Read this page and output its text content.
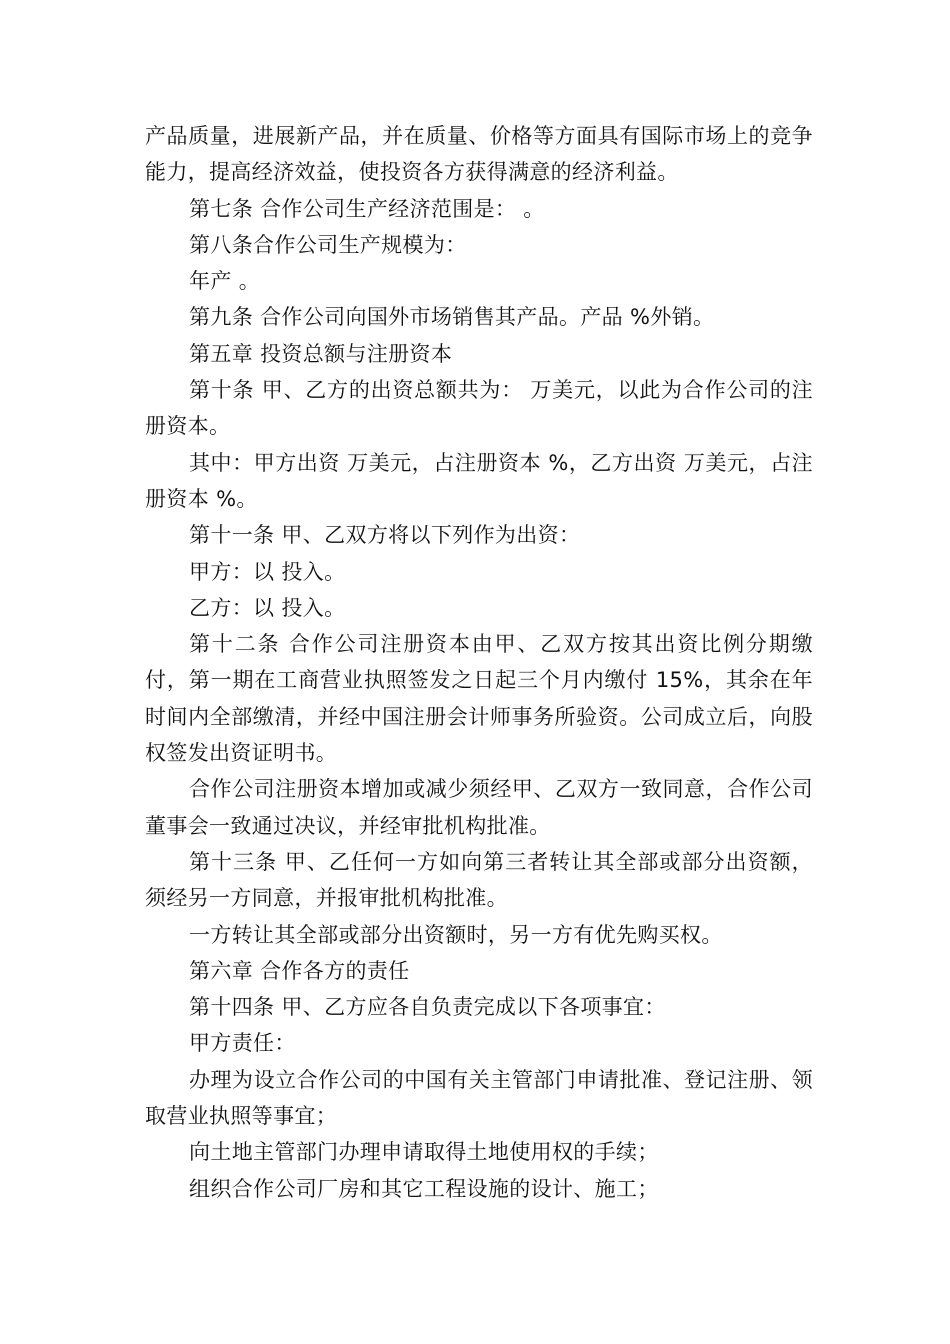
产品质量，进展新产品，并在质量、价格等方面具有国际市场上的竞争能力，提高经济效益，使投资各方获得满意的经济利益。

第七条 合作公司生产经济范围是： 。

第八条合作公司生产规模为：

年产 。

第九条 合作公司向国外市场销售其产品。产品 %外销。

第五章 投资总额与注册资本

第十条 甲、乙方的出资总额共为： 万美元，以此为合作公司的注册资本。

其中：甲方出资 万美元，占注册资本 %，乙方出资 万美元，占注册资本 %。

第十一条 甲、乙双方将以下列作为出资：

甲方：以 投入。

乙方：以 投入。

第十二条 合作公司注册资本由甲、乙双方按其出资比例分期缴付，第一期在工商营业执照签发之日起三个月内缴付 15%，其余在年时间内全部缴清，并经中国注册会计师事务所验资。公司成立后，向股权签发出资证明书。

合作公司注册资本增加或减少须经甲、乙双方一致同意，合作公司董事会一致通过决议，并经审批机构批准。

第十三条 甲、乙任何一方如向第三者转让其全部或部分出资额，须经另一方同意，并报审批机构批准。

一方转让其全部或部分出资额时，另一方有优先购买权。

第六章 合作各方的责任

第十四条 甲、乙方应各自负责完成以下各项事宜：

甲方责任：

办理为设立合作公司的中国有关主管部门申请批准、登记注册、领取营业执照等事宜；

向土地主管部门办理申请取得土地使用权的手续；

组织合作公司厂房和其它工程设施的设计、施工；
